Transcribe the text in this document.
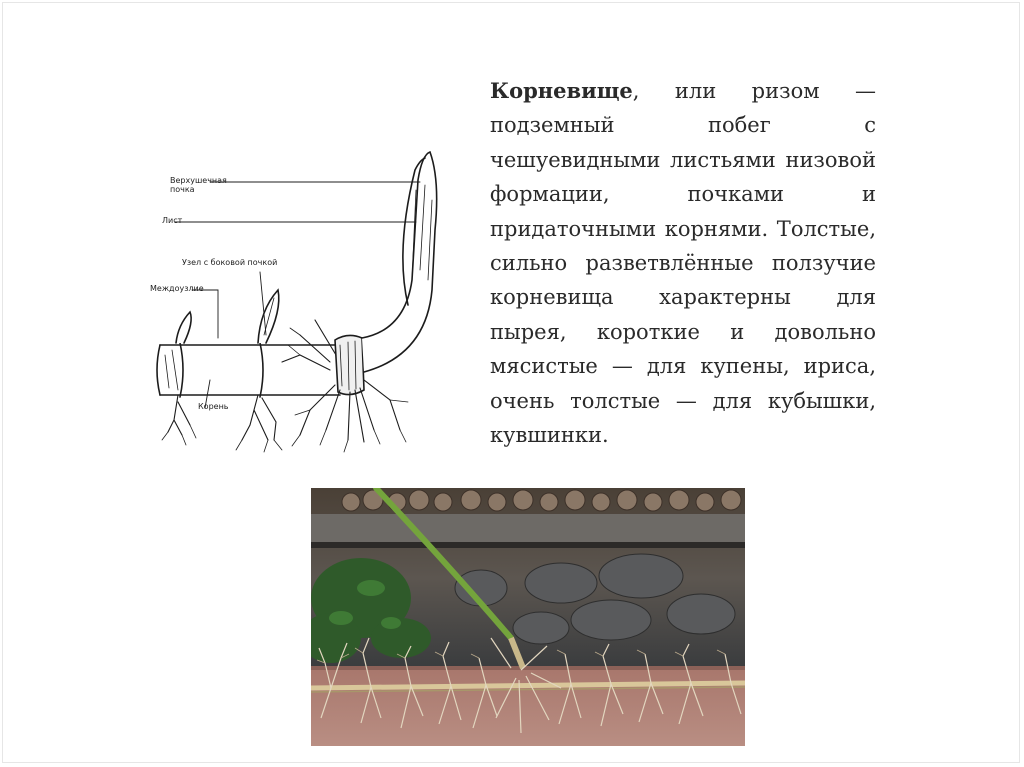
Корневище, или ризом — подземный побег с чешуевидными листьями низовой формации, почками и придаточными корнями. Толстые, сильно разветвлённые ползучие корневища характерны для пырея, короткие и довольно мясистые — для купены, ириса, очень толстые — для кубышки, кувшинки.
Верхушечная почка
Лист
Узел с боковой почкой
Междоузлие
Корень
